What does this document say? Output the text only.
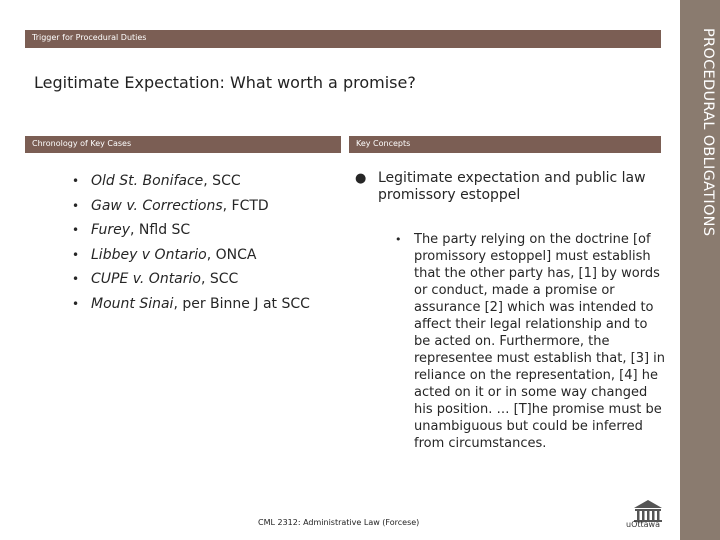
PROCEDURAL OBLIGATIONS
Trigger for Procedural Duties
Legitimate Expectation: What worth a promise?
Chronology of Key Cases	Key Concepts
• Old St. Boniface, SCC
• Gaw v. Corrections, FCTD
• Furey, Nfld SC
• Libbey v Ontario, ONCA
• CUPE v. Ontario, SCC
• Mount Sinai, per Binne J at SCC
● Legitimate expectation and public law promissory estoppel
• The party relying on the doctrine [of promissory estoppel] must establish that the other party has, [1] by words or conduct, made a promise or assurance [2] which was intended to affect their legal relationship and to be acted on. Furthermore, the representee must establish that, [3] in reliance on the representation, [4] he acted on it or in some way changed his position. … [T]he promise must be unambiguous but could be inferred from circumstances.
CML 2312: Administrative Law (Forcese)	uOttawa
